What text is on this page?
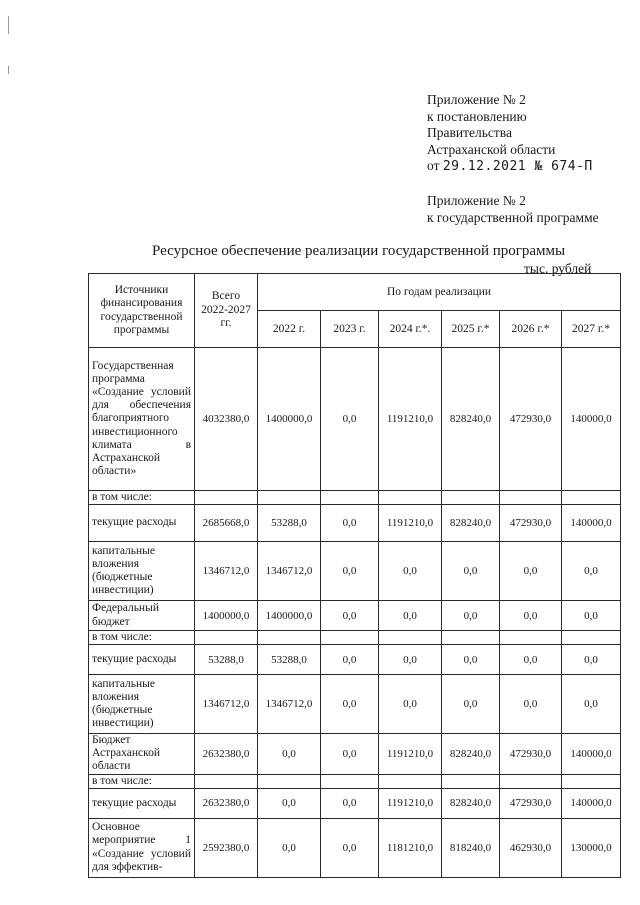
Приложение № 2
к постановлению
Правительства
Астраханской области
от 29.12.2021 № 674-П
Приложение № 2
к государственной программе
Ресурсное обеспечение реализации государственной программы
тыс. рублей
Источники финансирования государственной программы	Всего 2022-2027 гг.	По годам реализации					
		2022 г.	2023 г.	2024 г.*.	2025 г.*	2026 г.*	2027 г.*
Государственная программа «Создание условий для обеспечения благоприятного инвестиционного климата в Астраханской области»	4032380,0	1400000,0	0,0	1191210,0	828240,0	472930,0	140000,0
в том числе:							
текущие расходы	2685668,0	53288,0	0,0	1191210,0	828240,0	472930,0	140000,0
капитальные вложения (бюджетные инвестиции)	1346712,0	1346712,0	0,0	0,0	0,0	0,0	0,0
Федеральный бюджет	1400000,0	1400000,0	0,0	0,0	0,0	0,0	0,0
в том числе:							
текущие расходы	53288,0	53288,0	0,0	0,0	0,0	0,0	0,0
капитальные вложения (бюджетные инвестиции)	1346712,0	1346712,0	0,0	0,0	0,0	0,0	0,0
Бюджет Астраханской области	2632380,0	0,0	0,0	1191210,0	828240,0	472930,0	140000,0
в том числе:							
текущие расходы	2632380,0	0,0	0,0	1191210,0	828240,0	472930,0	140000,0
Основное мероприятие 1 «Создание условий для эффектив-	2592380,0	0,0	0,0	1181210,0	818240,0	462930,0	130000,0
